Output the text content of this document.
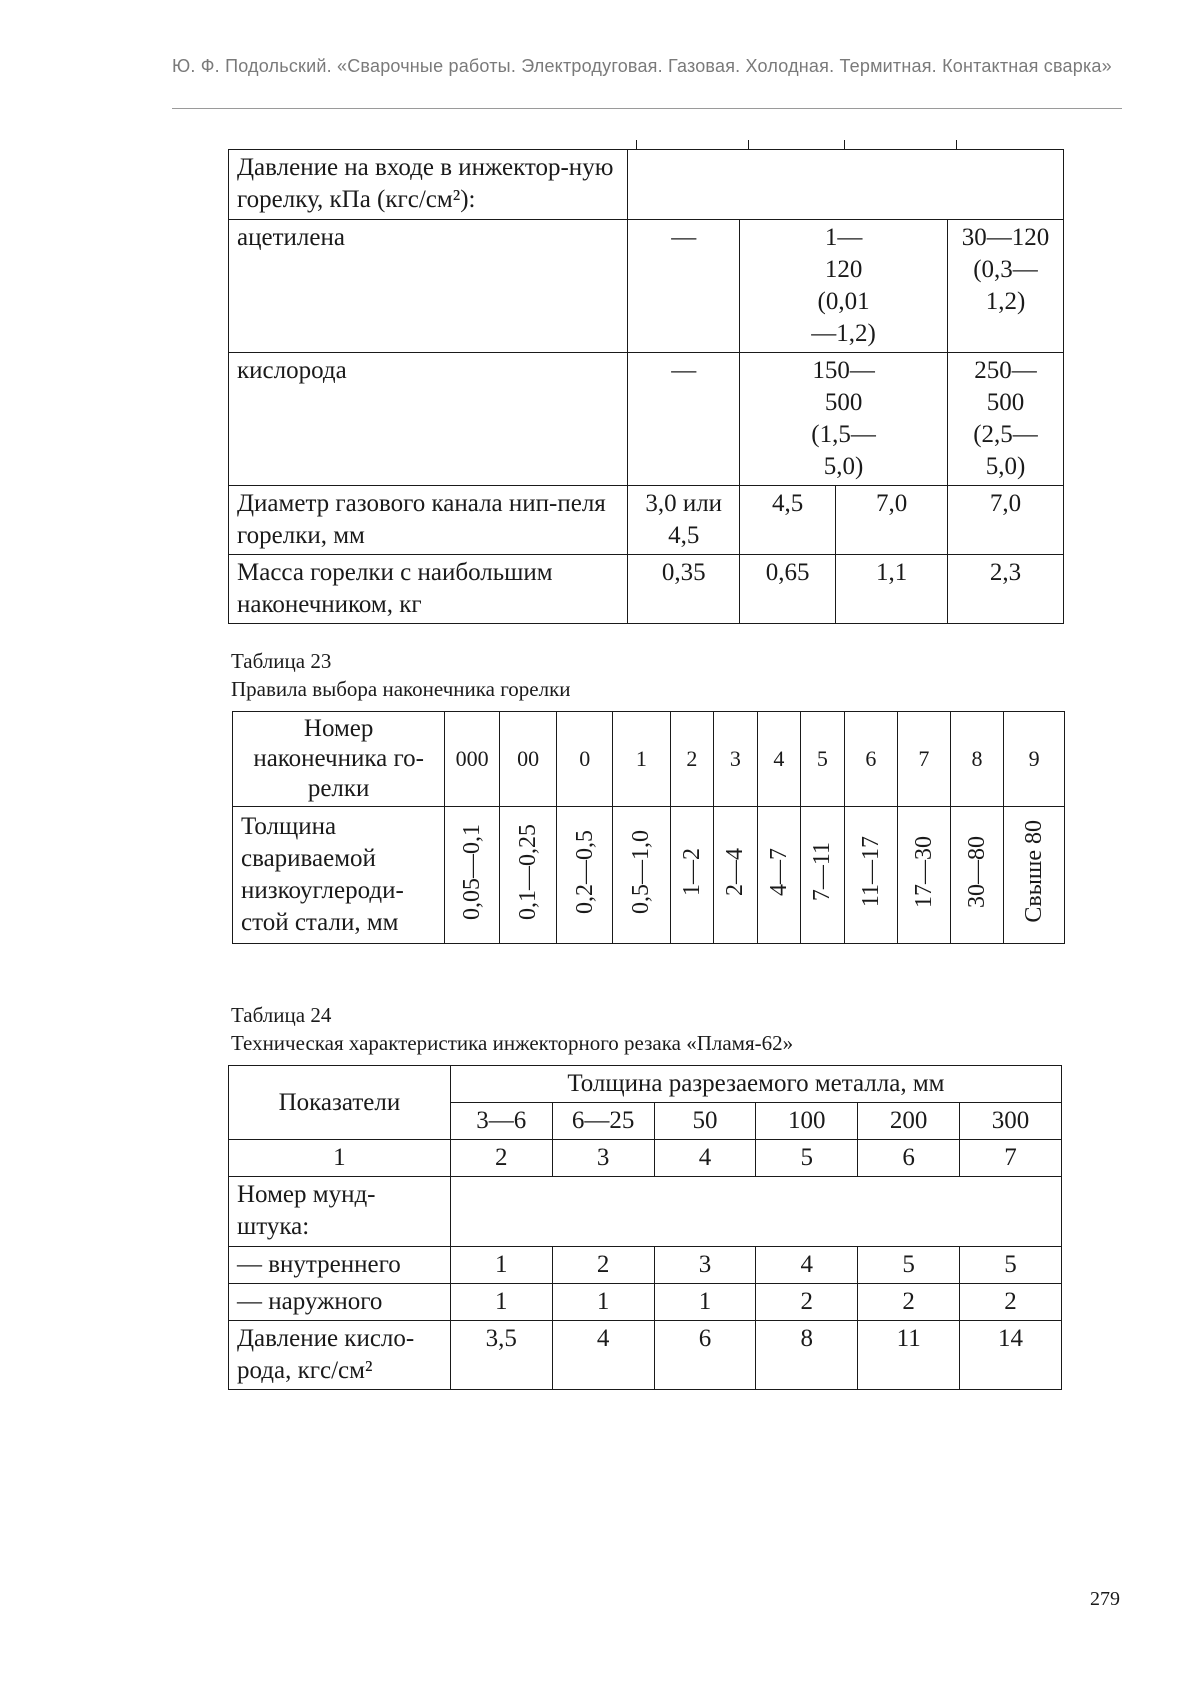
Ю. Ф. Подольский. «Сварочные работы. Электродуговая. Газовая. Холодная. Термитная. Контактная сварка»
Давление на входе в инжектор-ную горелку, кПа (кгс/см²):				
ацетилена	—	1—120 (0,01—1,2)		30—120 (0,3—1,2)
кислорода	—	150—500 (1,5—5,0)		250—500 (2,5—5,0)
Диаметр газового канала нип-пеля горелки, мм	3,0 или 4,5	4,5	7,0	7,0
Масса горелки с наибольшим наконечником, кг	0,35	0,65	1,1	2,3
Таблица 23
Правила выбора наконечника горелки
Номер наконечника го-релки	000	00	0	1	2	3	4	5	6	7	8	9
Толщина свариваемой низкоуглероди-стой стали, мм	0,05—0,1	0,1—0,25	0,2—0,5	0,5—1,0	1—2	2—4	4—7	7—11	11—17	17—30	30—80	Свыше 80
Таблица 24
Техническая характеристика инжекторного резака «Пламя-62»
Показатели	Толщина разрезаемого металла, мм					
	3—6	6—25	50	100	200	300
1	2	3	4	5	6	7
Номер мунд-штука:						
— внутреннего	1	2	3	4	5	5
— наружного	1	1	1	2	2	2
Давление кисло-рода, кгс/см²	3,5	4	6	8	11	14
279
